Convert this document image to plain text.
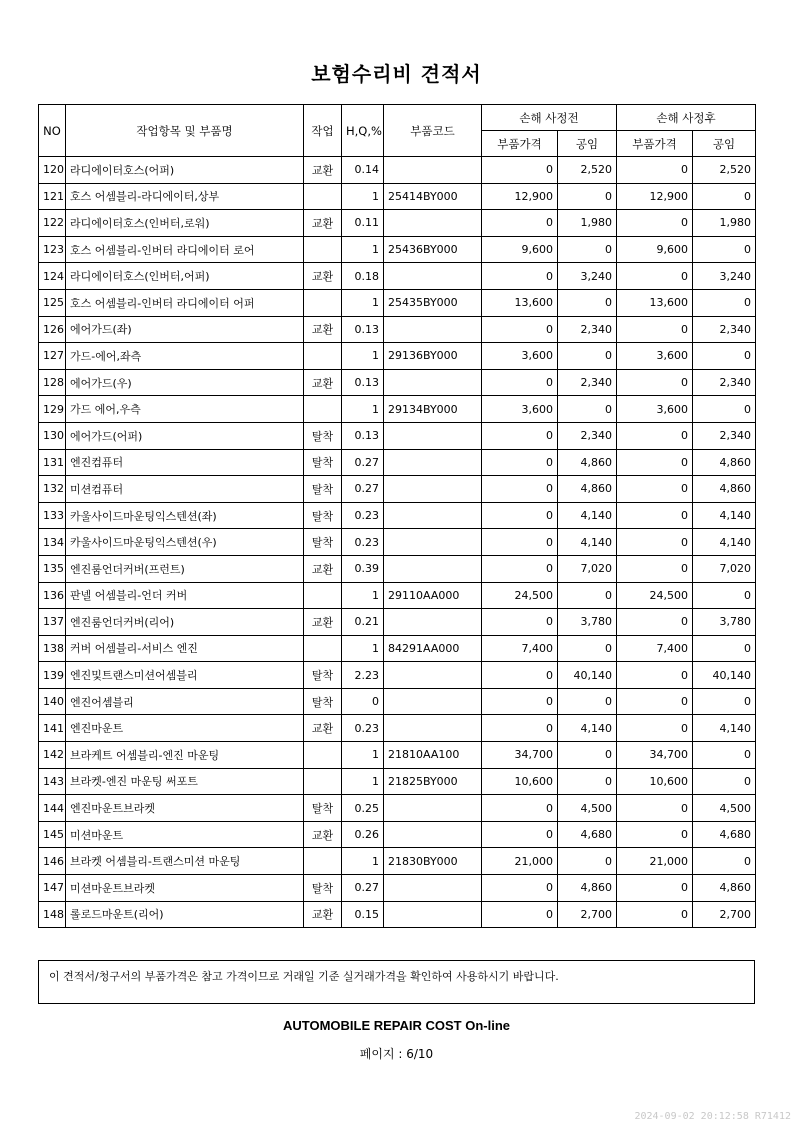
보험수리비 견적서
NO	작업항목 및 부품명	작업	H,Q,%	부품코드	손해 사정전		손해 사정후	
					부품가격	공임	부품가격	공임
120	라디에이터호스(어퍼)	교환	0.14		0	2,520	0	2,520
121	호스 어셈블리-라디에이터,상부		1	25414BY000	12,900	0	12,900	0
122	라디에이터호스(인버터,로워)	교환	0.11		0	1,980	0	1,980
123	호스 어셈블리-인버터 라디에이터 로어		1	25436BY000	9,600	0	9,600	0
124	라디에이터호스(인버터,어퍼)	교환	0.18		0	3,240	0	3,240
125	호스 어셈블리-인버터 라디에이터 어퍼		1	25435BY000	13,600	0	13,600	0
126	에어가드(좌)	교환	0.13		0	2,340	0	2,340
127	가드-에어,좌측		1	29136BY000	3,600	0	3,600	0
128	에어가드(우)	교환	0.13		0	2,340	0	2,340
129	가드 에어,우측		1	29134BY000	3,600	0	3,600	0
130	에어가드(어퍼)	탈착	0.13		0	2,340	0	2,340
131	엔진컴퓨터	탈착	0.27		0	4,860	0	4,860
132	미션컴퓨터	탈착	0.27		0	4,860	0	4,860
133	카울사이드마운팅익스텐션(좌)	탈착	0.23		0	4,140	0	4,140
134	카울사이드마운팅익스텐션(우)	탈착	0.23		0	4,140	0	4,140
135	엔진룸언더커버(프런트)	교환	0.39		0	7,020	0	7,020
136	판넬 어셈블리-언더 커버		1	29110AA000	24,500	0	24,500	0
137	엔진룸언더커버(리어)	교환	0.21		0	3,780	0	3,780
138	커버 어셈블리-서비스 엔진		1	84291AA000	7,400	0	7,400	0
139	엔진및트랜스미션어셈블리	탈착	2.23		0	40,140	0	40,140
140	엔진어셈블리	탈착	0		0	0	0	0
141	엔진마운트	교환	0.23		0	4,140	0	4,140
142	브라케트 어셈블리-엔진 마운팅		1	21810AA100	34,700	0	34,700	0
143	브라켓-엔진 마운팅 써포트		1	21825BY000	10,600	0	10,600	0
144	엔진마운트브라켓	탈착	0.25		0	4,500	0	4,500
145	미션마운트	교환	0.26		0	4,680	0	4,680
146	브라켓 어셈블리-트랜스미션 마운팅		1	21830BY000	21,000	0	21,000	0
147	미션마운트브라켓	탈착	0.27		0	4,860	0	4,860
148	롤로드마운트(리어)	교환	0.15		0	2,700	0	2,700
이 견적서/청구서의 부품가격은 참고 가격이므로 거래일 기준 실거래가격을 확인하여 사용하시기 바랍니다.
AUTOMOBILE REPAIR COST On-line
페이지 : 6/10
2024-09-02 20:12:58 R71412
